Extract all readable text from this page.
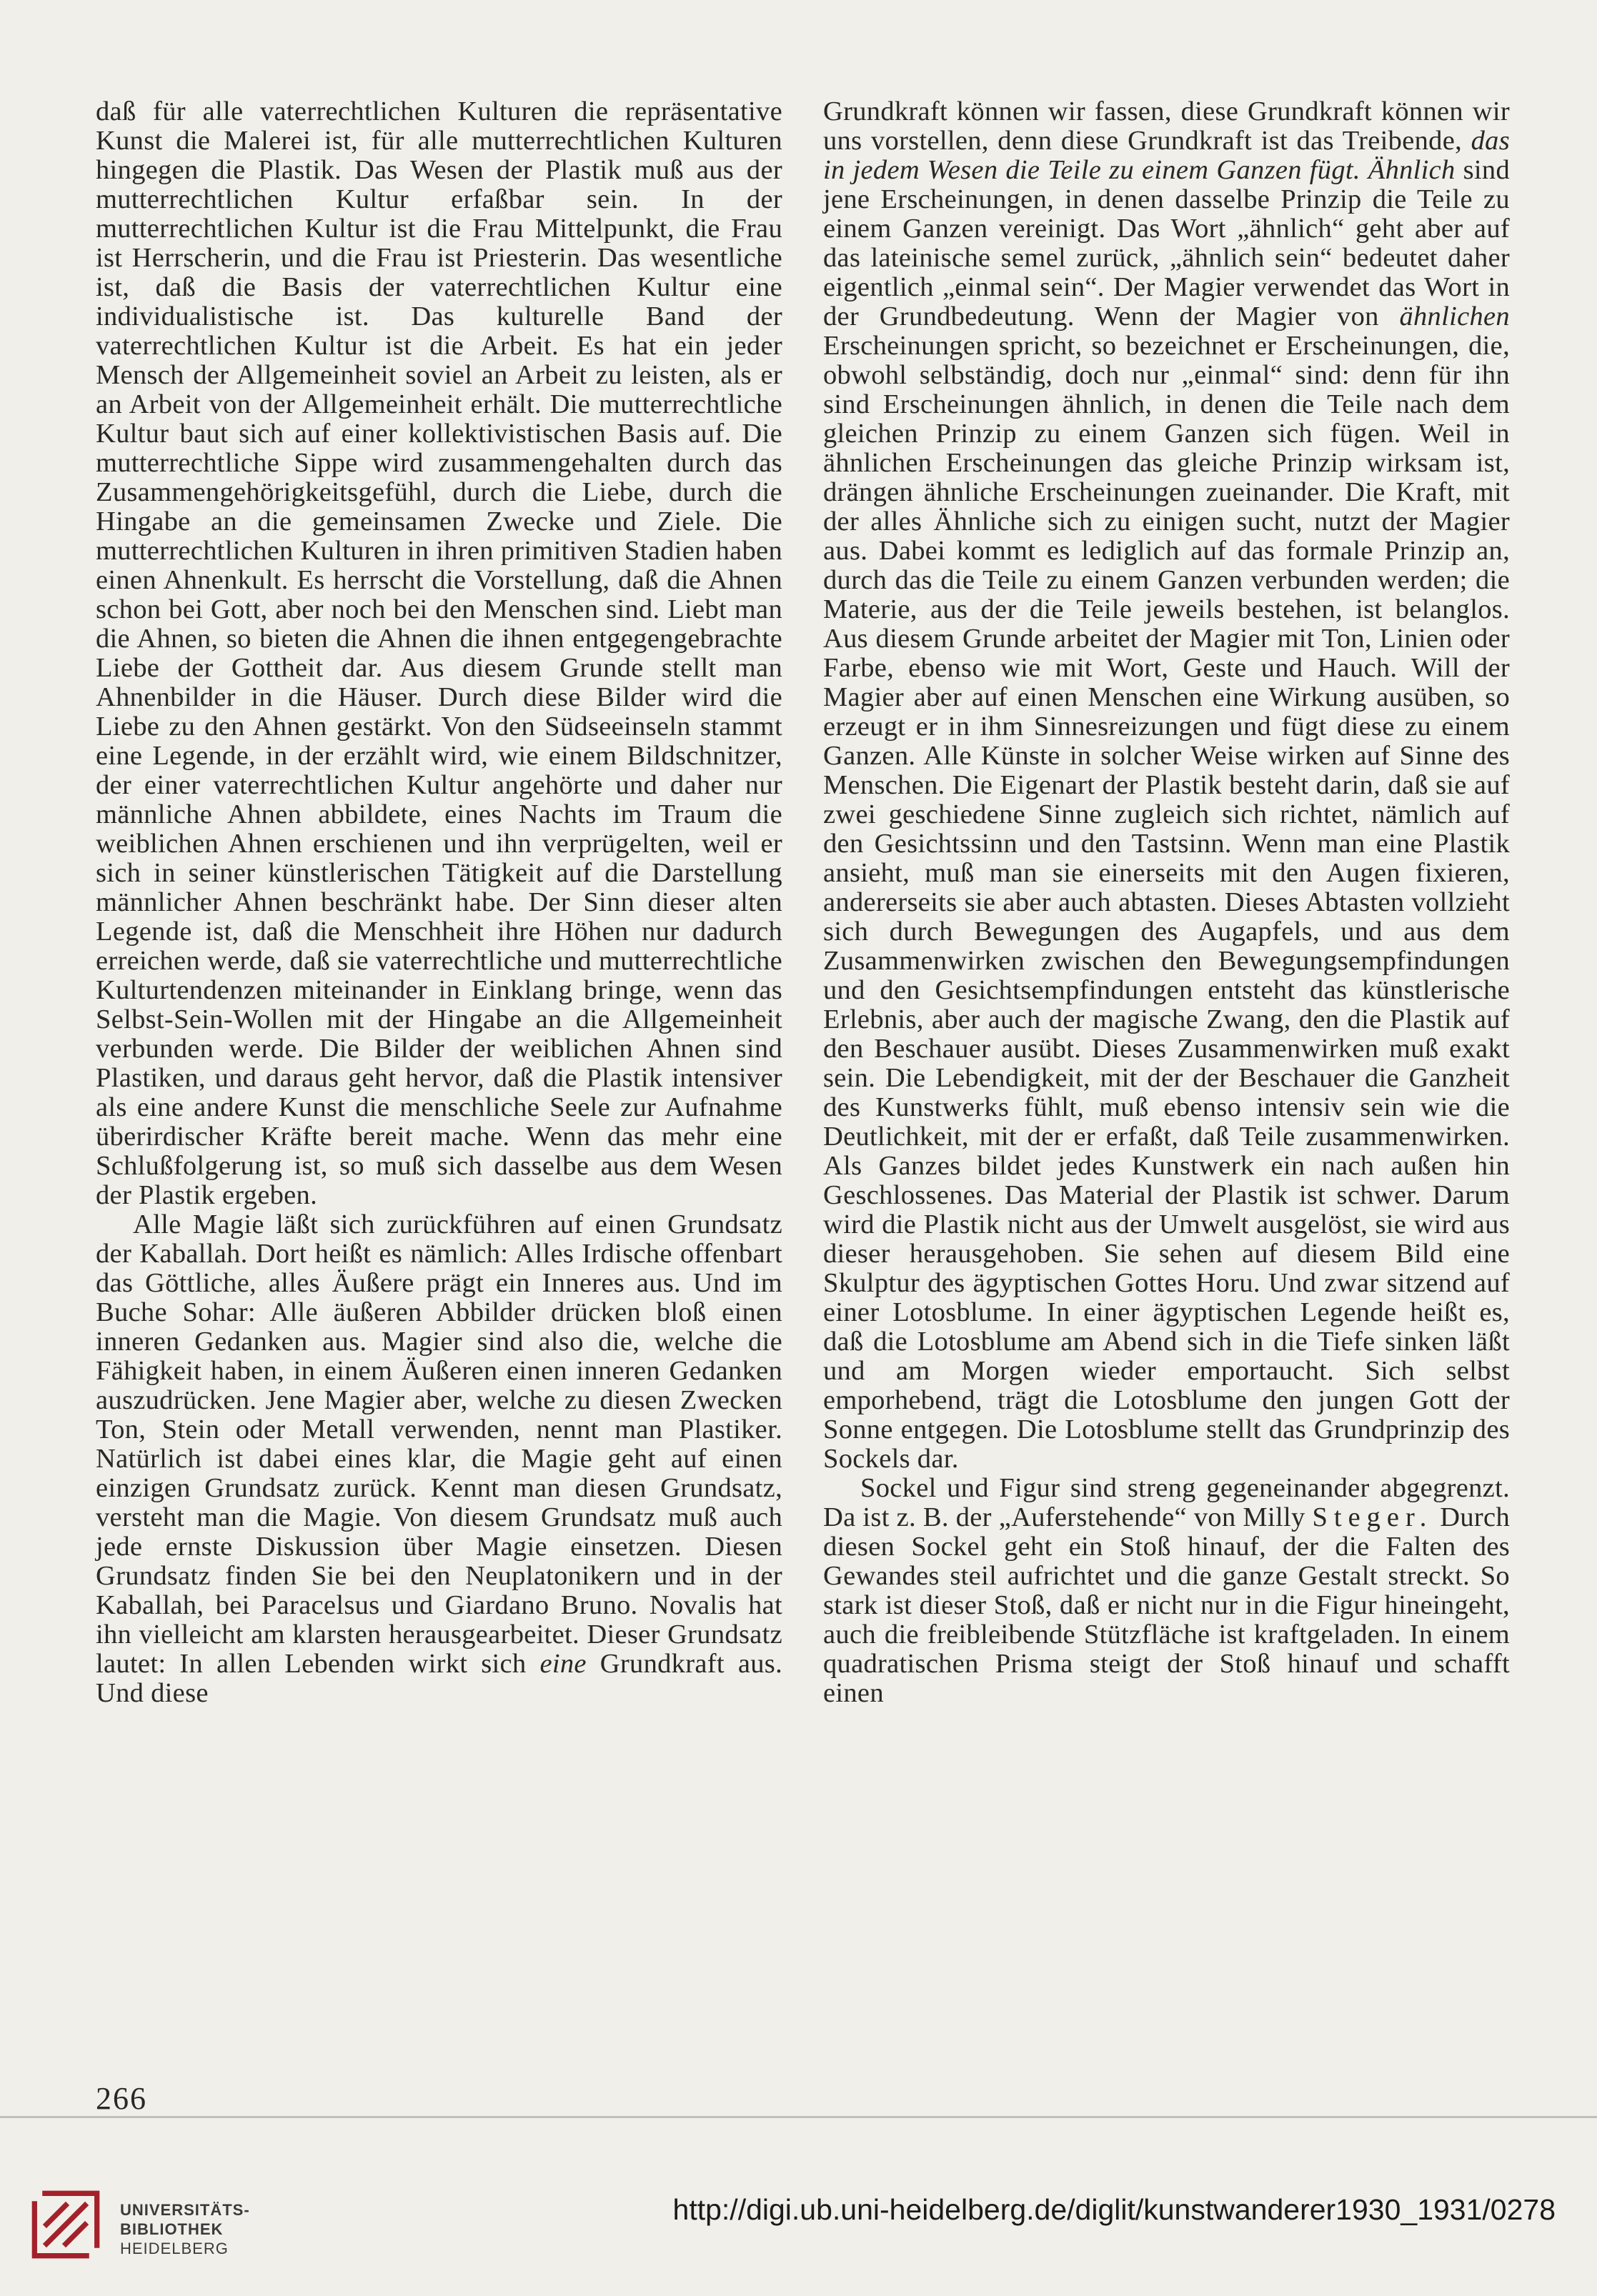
daß für alle vaterrechtlichen Kulturen die repräsentative Kunst die Malerei ist, für alle mutterrechtlichen Kulturen hingegen die Plastik. Das Wesen der Plastik muß aus der mutterrechtlichen Kultur erfaßbar sein. In der mutterrechtlichen Kultur ist die Frau Mittelpunkt, die Frau ist Herrscherin, und die Frau ist Priesterin. Das wesentliche ist, daß die Basis der vaterrechtlichen Kultur eine individualistische ist. Das kulturelle Band der vaterrechtlichen Kultur ist die Arbeit. Es hat ein jeder Mensch der Allgemeinheit soviel an Arbeit zu leisten, als er an Arbeit von der Allgemeinheit erhält. Die mutterrechtliche Kultur baut sich auf einer kollektivistischen Basis auf. Die mutterrechtliche Sippe wird zusammengehalten durch das Zusammengehörigkeitsgefühl, durch die Liebe, durch die Hingabe an die gemeinsamen Zwecke und Ziele. Die mutterrechtlichen Kulturen in ihren primitiven Stadien haben einen Ahnenkult. Es herrscht die Vorstellung, daß die Ahnen schon bei Gott, aber noch bei den Menschen sind. Liebt man die Ahnen, so bieten die Ahnen die ihnen entgegengebrachte Liebe der Gottheit dar. Aus diesem Grunde stellt man Ahnenbilder in die Häuser. Durch diese Bilder wird die Liebe zu den Ahnen gestärkt. Von den Südseeinseln stammt eine Legende, in der erzählt wird, wie einem Bildschnitzer, der einer vaterrechtlichen Kultur angehörte und daher nur männliche Ahnen abbildete, eines Nachts im Traum die weiblichen Ahnen erschienen und ihn verprügelten, weil er sich in seiner künstlerischen Tätigkeit auf die Darstellung männlicher Ahnen beschränkt habe. Der Sinn dieser alten Legende ist, daß die Menschheit ihre Höhen nur dadurch erreichen werde, daß sie vaterrechtliche und mutterrechtliche Kulturtendenzen miteinander in Einklang bringe, wenn das Selbst-Sein-Wollen mit der Hingabe an die Allgemeinheit verbunden werde. Die Bilder der weiblichen Ahnen sind Plastiken, und daraus geht hervor, daß die Plastik intensiver als eine andere Kunst die menschliche Seele zur Aufnahme überirdischer Kräfte bereit mache. Wenn das mehr eine Schlußfolgerung ist, so muß sich dasselbe aus dem Wesen der Plastik ergeben.

Alle Magie läßt sich zurückführen auf einen Grundsatz der Kaballah. Dort heißt es nämlich: Alles Irdische offenbart das Göttliche, alles Äußere prägt ein Inneres aus. Und im Buche Sohar: Alle äußeren Abbilder drücken bloß einen inneren Gedanken aus. Magier sind also die, welche die Fähigkeit haben, in einem Äußeren einen inneren Gedanken auszudrücken. Jene Magier aber, welche zu diesen Zwecken Ton, Stein oder Metall verwenden, nennt man Plastiker. Natürlich ist dabei eines klar, die Magie geht auf einen einzigen Grundsatz zurück. Kennt man diesen Grundsatz, versteht man die Magie. Von diesem Grundsatz muß auch jede ernste Diskussion über Magie einsetzen. Diesen Grundsatz finden Sie bei den Neuplatonikern und in der Kaballah, bei Paracelsus und Giardano Bruno. Novalis hat ihn vielleicht am klarsten herausgearbeitet. Dieser Grundsatz lautet: In allen Lebenden wirkt sich eine Grundkraft aus. Und diese

Grundkraft können wir fassen, diese Grundkraft können wir uns vorstellen, denn diese Grundkraft ist das Treibende, das in jedem Wesen die Teile zu einem Ganzen fügt. Ähnlich sind jene Erscheinungen, in denen dasselbe Prinzip die Teile zu einem Ganzen vereinigt. Das Wort „ähnlich“ geht aber auf das lateinische semel zurück, „ähnlich sein“ bedeutet daher eigentlich „einmal sein“. Der Magier verwendet das Wort in der Grundbedeutung. Wenn der Magier von ähnlichen Erscheinungen spricht, so bezeichnet er Erscheinungen, die, obwohl selbständig, doch nur „einmal“ sind: denn für ihn sind Erscheinungen ähnlich, in denen die Teile nach dem gleichen Prinzip zu einem Ganzen sich fügen. Weil in ähnlichen Erscheinungen das gleiche Prinzip wirksam ist, drängen ähnliche Erscheinungen zueinander. Die Kraft, mit der alles Ähnliche sich zu einigen sucht, nutzt der Magier aus. Dabei kommt es lediglich auf das formale Prinzip an, durch das die Teile zu einem Ganzen verbunden werden; die Materie, aus der die Teile jeweils bestehen, ist belanglos. Aus diesem Grunde arbeitet der Magier mit Ton, Linien oder Farbe, ebenso wie mit Wort, Geste und Hauch. Will der Magier aber auf einen Menschen eine Wirkung ausüben, so erzeugt er in ihm Sinnesreizungen und fügt diese zu einem Ganzen. Alle Künste in solcher Weise wirken auf Sinne des Menschen. Die Eigenart der Plastik besteht darin, daß sie auf zwei geschiedene Sinne zugleich sich richtet, nämlich auf den Gesichtssinn und den Tastsinn. Wenn man eine Plastik ansieht, muß man sie einerseits mit den Augen fixieren, andererseits sie aber auch abtasten. Dieses Abtasten vollzieht sich durch Bewegungen des Augapfels, und aus dem Zusammenwirken zwischen den Bewegungsempfindungen und den Gesichtsempfindungen entsteht das künstlerische Erlebnis, aber auch der magische Zwang, den die Plastik auf den Beschauer ausübt. Dieses Zusammenwirken muß exakt sein. Die Lebendigkeit, mit der der Beschauer die Ganzheit des Kunstwerks fühlt, muß ebenso intensiv sein wie die Deutlichkeit, mit der er erfaßt, daß Teile zusammenwirken. Als Ganzes bildet jedes Kunstwerk ein nach außen hin Geschlossenes. Das Material der Plastik ist schwer. Darum wird die Plastik nicht aus der Umwelt ausgelöst, sie wird aus dieser herausgehoben. Sie sehen auf diesem Bild eine Skulptur des ägyptischen Gottes Horu. Und zwar sitzend auf einer Lotosblume. In einer ägyptischen Legende heißt es, daß die Lotosblume am Abend sich in die Tiefe sinken läßt und am Morgen wieder emportaucht. Sich selbst emporhebend, trägt die Lotosblume den jungen Gott der Sonne entgegen. Die Lotosblume stellt das Grundprinzip des Sockels dar.

Sockel und Figur sind streng gegeneinander abgegrenzt. Da ist z. B. der „Auferstehende“ von Milly Steger. Durch diesen Sockel geht ein Stoß hinauf, der die Falten des Gewandes steil aufrichtet und die ganze Gestalt streckt. So stark ist dieser Stoß, daß er nicht nur in die Figur hineingeht, auch die freibleibende Stützfläche ist kraftgeladen. In einem quadratischen Prisma steigt der Stoß hinauf und schafft einen

266
UNIVERSITÄTS-
BIBLIOTHEK
HEIDELBERG
http://digi.ub.uni-heidelberg.de/diglit/kunstwanderer1930_1931/0278
